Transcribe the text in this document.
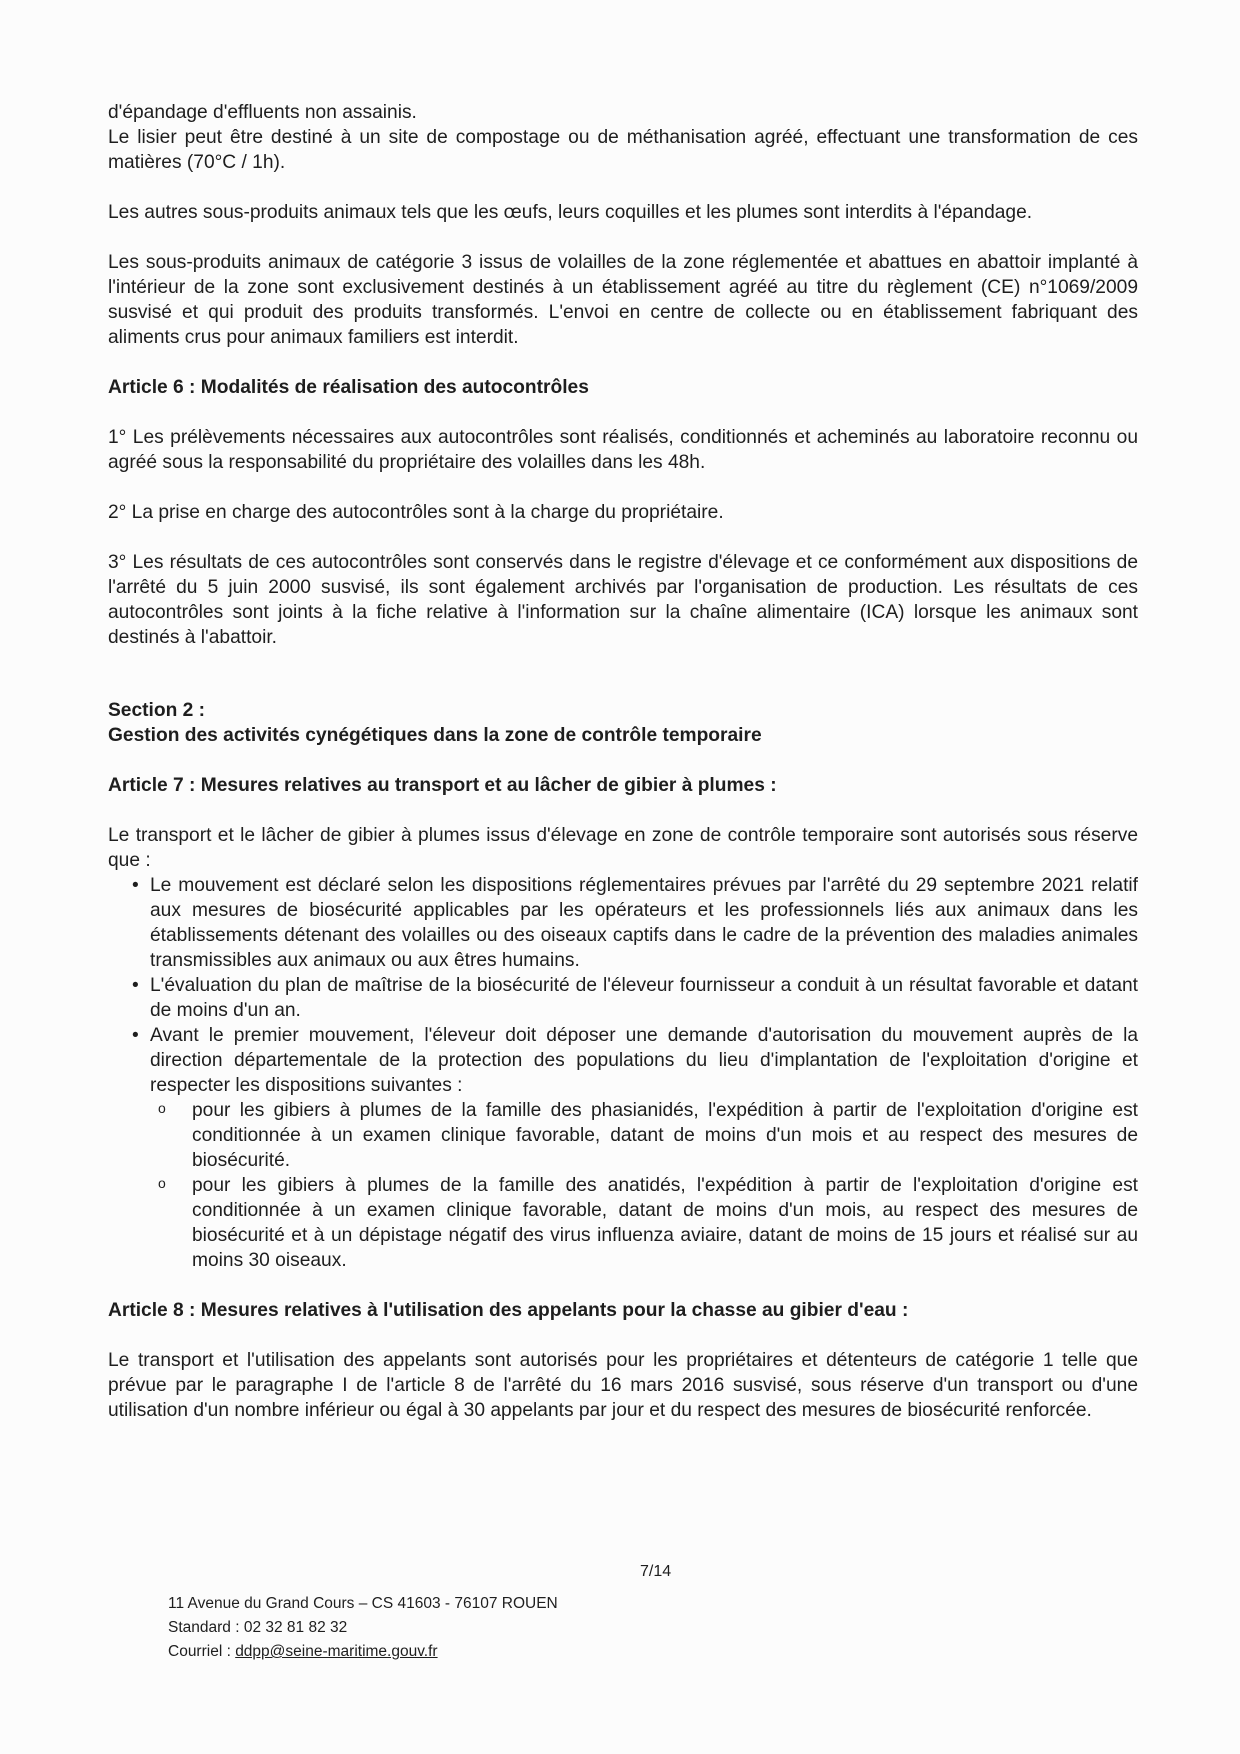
d'épandage d'effluents non assainis.

Le lisier peut être destiné à un site de compostage ou de méthanisation agréé, effectuant une transformation de ces matières (70°C / 1h).

Les autres sous-produits animaux tels que les œufs, leurs coquilles et les plumes sont interdits à l'épandage.

Les sous-produits animaux de catégorie 3 issus de volailles de la zone réglementée et abattues en abattoir implanté à l'intérieur de la zone sont exclusivement destinés à un établissement agréé au titre du règlement (CE) n°1069/2009 susvisé et qui produit des produits transformés. L'envoi en centre de collecte ou en établissement fabriquant des aliments crus pour animaux familiers est interdit.

Article 6 : Modalités de réalisation des autocontrôles

1° Les prélèvements nécessaires aux autocontrôles sont réalisés, conditionnés et acheminés au laboratoire reconnu ou agréé sous la responsabilité du propriétaire des volailles dans les 48h.

2° La prise en charge des autocontrôles sont à la charge du propriétaire.

3° Les résultats de ces autocontrôles sont conservés dans le registre d'élevage et ce conformément aux dispositions de l'arrêté du 5 juin 2000 susvisé, ils sont également archivés par l'organisation de production. Les résultats de ces autocontrôles sont joints à la fiche relative à l'information sur la chaîne alimentaire (ICA) lorsque les animaux sont destinés à l'abattoir.

Section 2 :

Gestion des activités cynégétiques dans la zone de contrôle temporaire

Article 7 : Mesures relatives au transport et au lâcher de gibier à plumes :

Le transport et le lâcher de gibier à plumes issus d'élevage en zone de contrôle temporaire sont autorisés sous réserve que :

• Le mouvement est déclaré selon les dispositions réglementaires prévues par l'arrêté du 29 septembre 2021 relatif aux mesures de biosécurité applicables par les opérateurs et les professionnels liés aux animaux dans les établissements détenant des volailles ou des oiseaux captifs dans le cadre de la prévention des maladies animales transmissibles aux animaux ou aux êtres humains.
• L'évaluation du plan de maîtrise de la biosécurité de l'éleveur fournisseur a conduit à un résultat favorable et datant de moins d'un an.
• Avant le premier mouvement, l'éleveur doit déposer une demande d'autorisation du mouvement auprès de la direction départementale de la protection des populations du lieu d'implantation de l'exploitation d'origine et respecter les dispositions suivantes :
o pour les gibiers à plumes de la famille des phasianidés, l'expédition à partir de l'exploitation d'origine est conditionnée à un examen clinique favorable, datant de moins d'un mois et au respect des mesures de biosécurité.
o pour les gibiers à plumes de la famille des anatidés, l'expédition à partir de l'exploitation d'origine est conditionnée à un examen clinique favorable, datant de moins d'un mois, au respect des mesures de biosécurité et à un dépistage négatif des virus influenza aviaire, datant de moins de 15 jours et réalisé sur au moins 30 oiseaux.

Article 8 : Mesures relatives à l'utilisation des appelants pour la chasse au gibier d'eau :

Le transport et l'utilisation des appelants sont autorisés pour les propriétaires et détenteurs de catégorie 1 telle que prévue par le paragraphe I de l'article 8 de l'arrêté du 16 mars 2016 susvisé, sous réserve d'un transport ou d'une utilisation d'un nombre inférieur ou égal à 30 appelants par jour et du respect des mesures de biosécurité renforcée.

7/14
11 Avenue du Grand Cours – CS 41603 - 76107 ROUEN
Standard : 02 32 81 82 32
Courriel : ddpp@seine-maritime.gouv.fr
